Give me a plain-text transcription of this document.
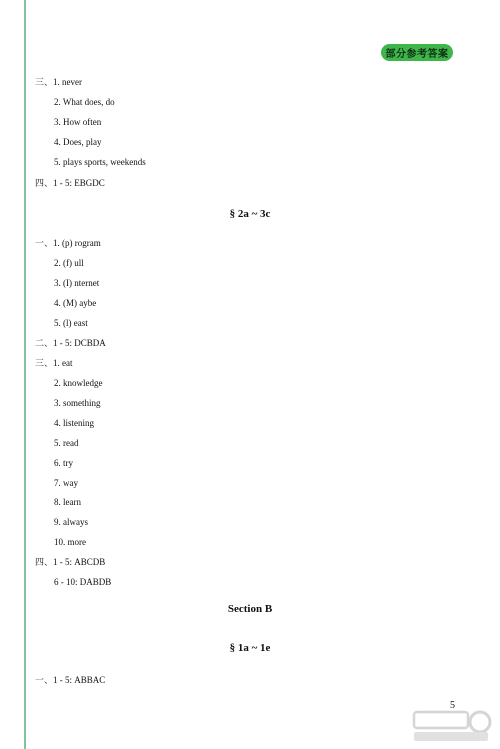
部分参考答案
三、1. never
2. What does, do
3. How often
4. Does, play
5. plays sports, weekends
四、1 - 5: EBGDC
§ 2a ~ 3c
一、1. (p) rogram
2. (f) ull
3. (I) nternet
4. (M) aybe
5. (l) east
二、1 - 5: DCBDA
三、1. eat
2. knowledge
3. something
4. listening
5. read
6. try
7. way
8. learn
9. always
10. more
四、1 - 5: ABCDB
6 - 10: DABDB
Section B
§ 1a ~ 1e
一、1 - 5: ABBAC
5
